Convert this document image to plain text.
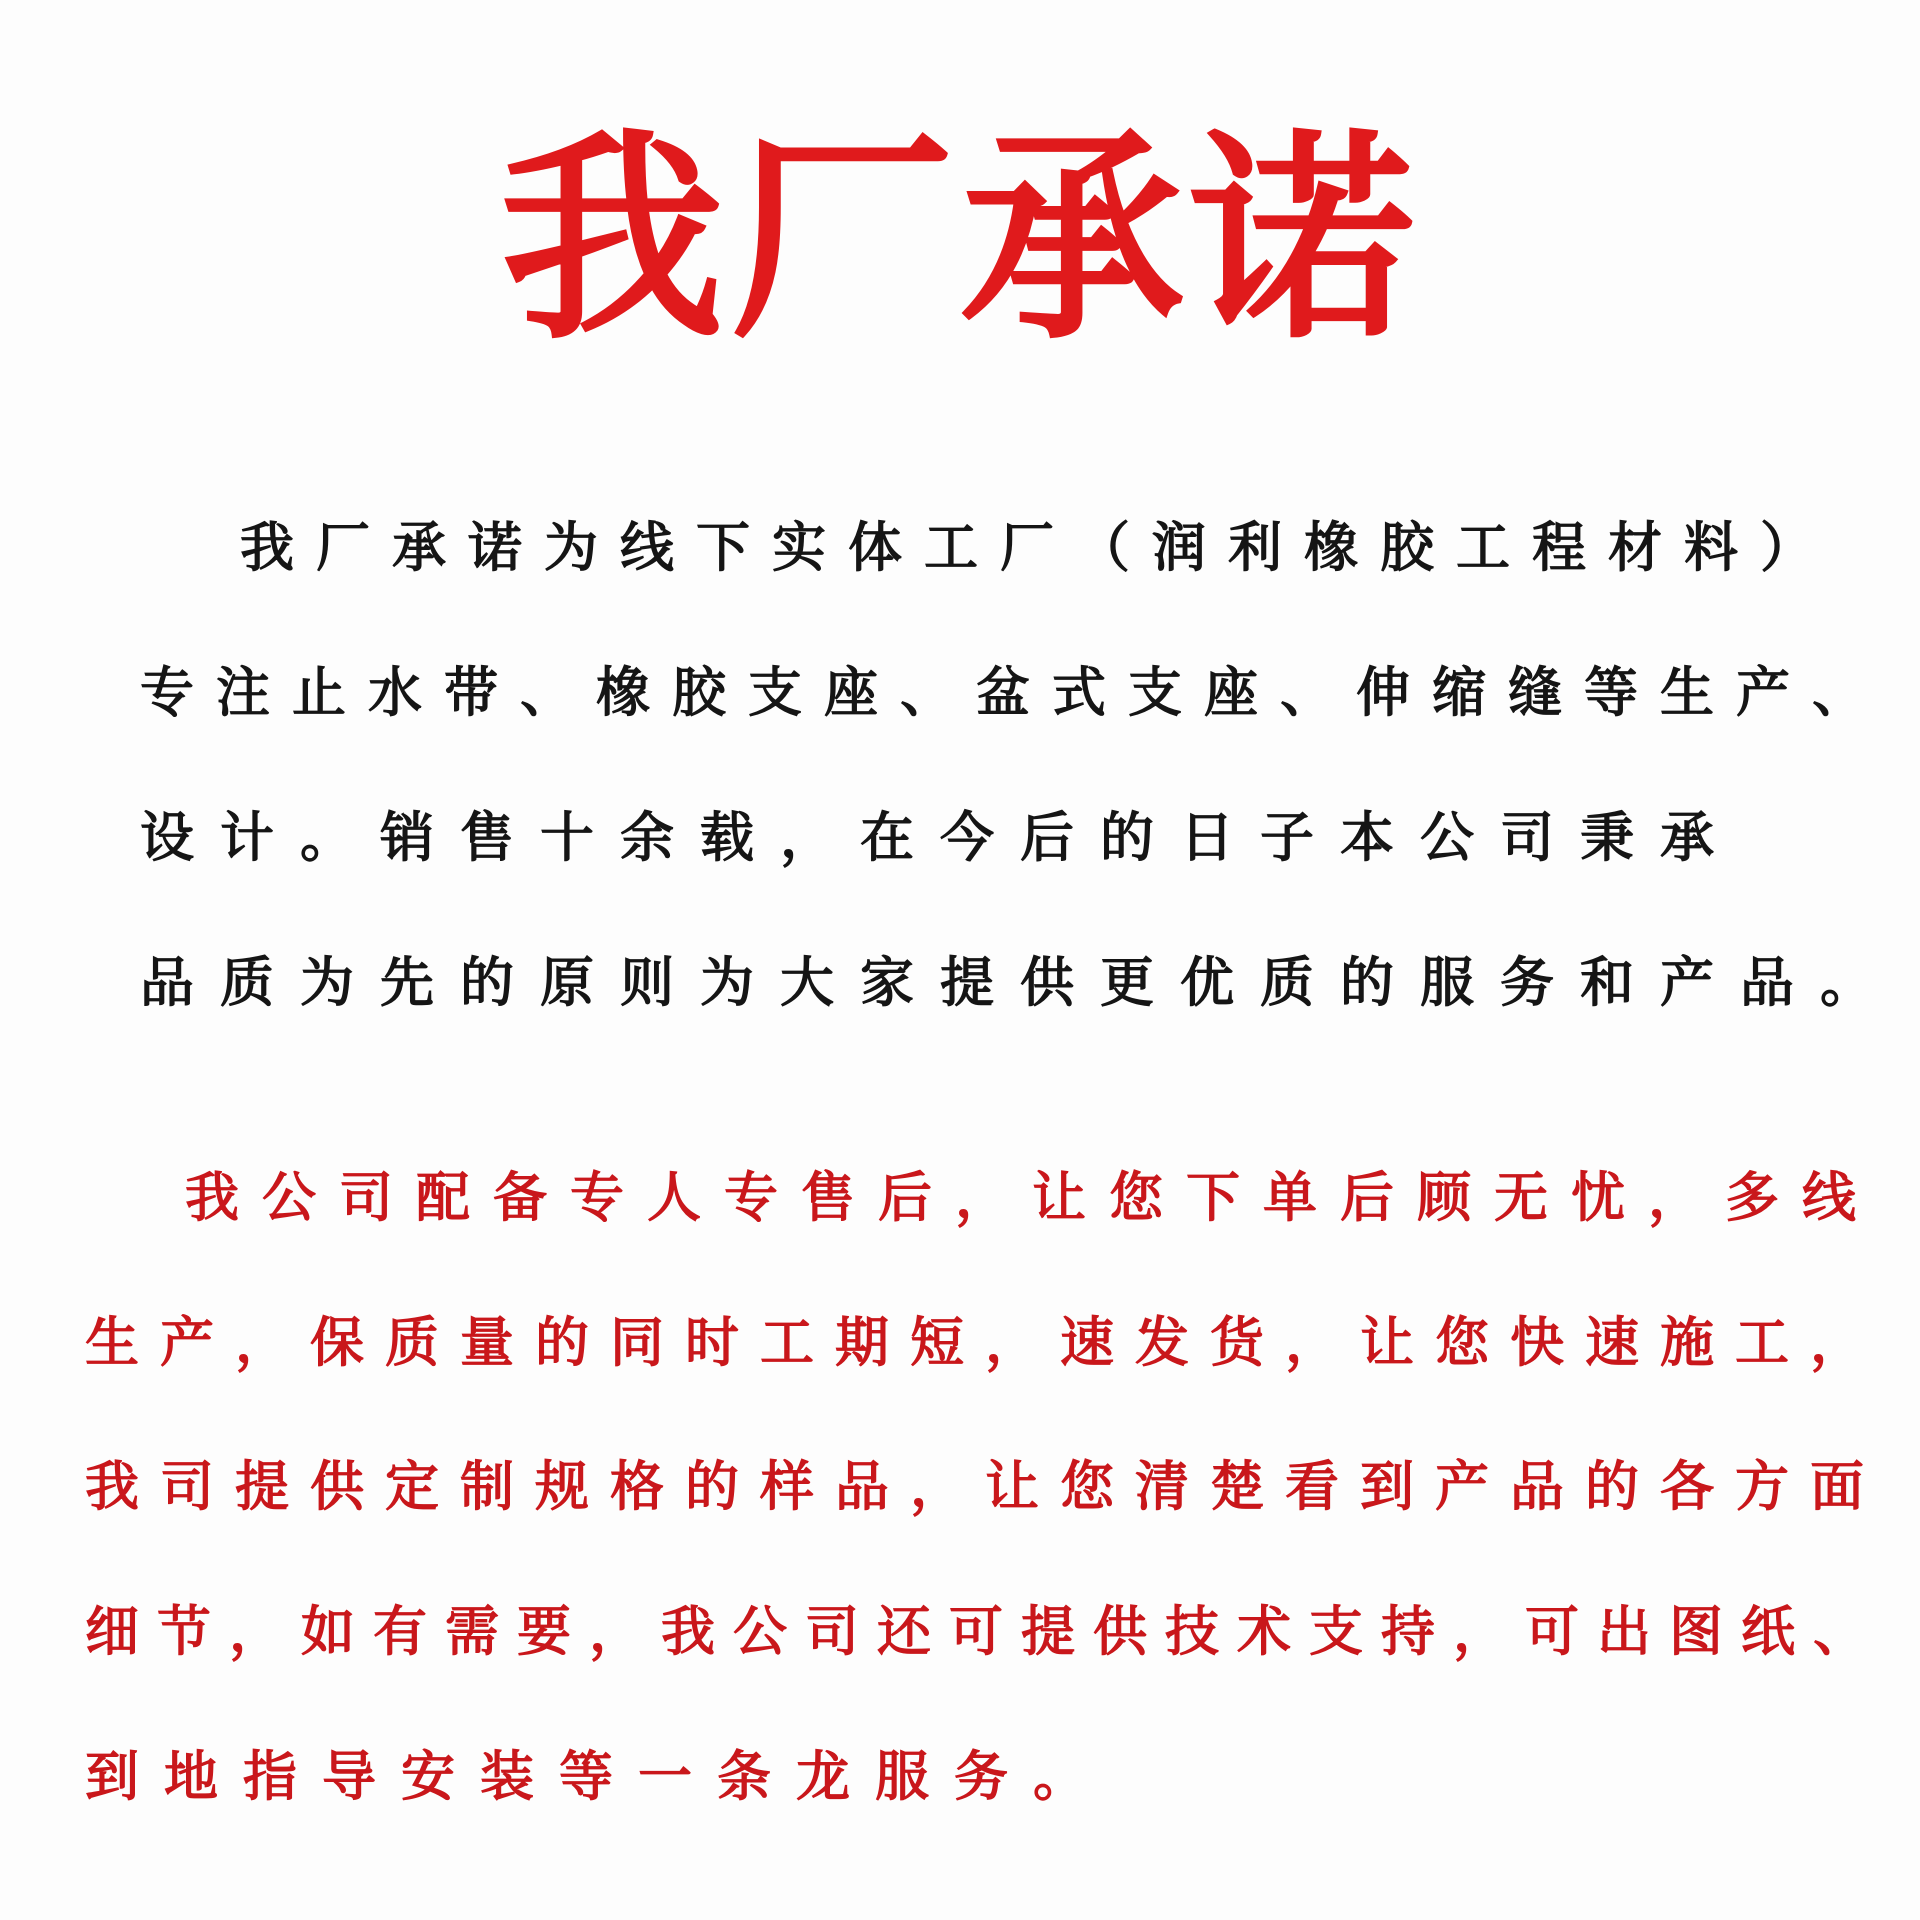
我厂承诺
我厂承诺为线下实体工厂（润利橡胶工程材料）
专注止水带、橡胶支座、盆式支座、伸缩缝等生产、
设计。销售十余载，在今后的日子本公司秉承
品质为先的原则为大家提供更优质的服务和产品。
我公司配备专人专售后，让您下单后顾无忧，多线
生产，保质量的同时工期短，速发货，让您快速施工，
我司提供定制规格的样品，让您清楚看到产品的各方面
细节，如有需要，我公司还可提供技术支持，可出图纸、
到地指导安装等一条龙服务。
